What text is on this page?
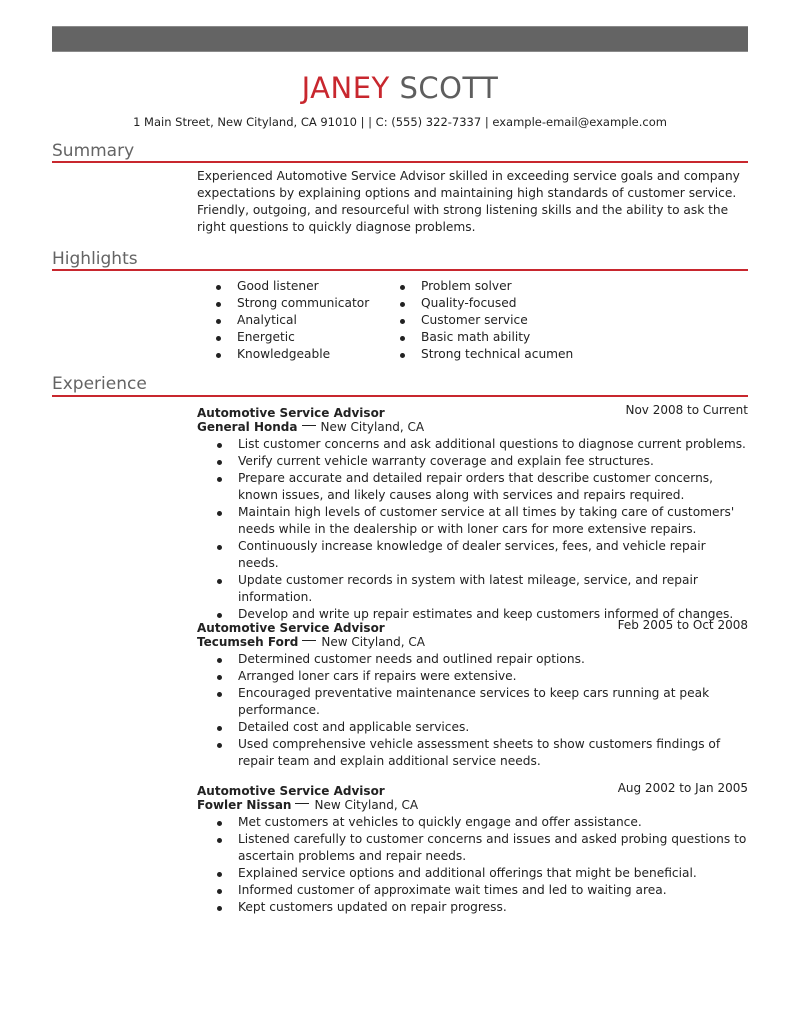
JANEY SCOTT
1 Main Street, New Cityland, CA 91010 | | C: (555) 322-7337 | example-email@example.com
Summary
Experienced Automotive Service Advisor skilled in exceeding service goals and company expectations by explaining options and maintaining high standards of customer service. Friendly, outgoing, and resourceful with strong listening skills and the ability to ask the right questions to quickly diagnose problems.
Highlights
Good listener
Strong communicator
Analytical
Energetic
Knowledgeable
Problem solver
Quality-focused
Customer service
Basic math ability
Strong technical acumen
Experience
Automotive Service Advisor	Nov 2008 to Current
General Honda New Cityland, CA
List customer concerns and ask additional questions to diagnose current problems.
Verify current vehicle warranty coverage and explain fee structures.
Prepare accurate and detailed repair orders that describe customer concerns, known issues, and likely causes along with services and repairs required.
Maintain high levels of customer service at all times by taking care of customers' needs while in the dealership or with loner cars for more extensive repairs.
Continuously increase knowledge of dealer services, fees, and vehicle repair needs.
Update customer records in system with latest mileage, service, and repair information.
Develop and write up repair estimates and keep customers informed of changes.
Automotive Service Advisor	Feb 2005 to Oct 2008
Tecumseh Ford New Cityland, CA
Determined customer needs and outlined repair options.
Arranged loner cars if repairs were extensive.
Encouraged preventative maintenance services to keep cars running at peak performance.
Detailed cost and applicable services.
Used comprehensive vehicle assessment sheets to show customers findings of repair team and explain additional service needs.
Automotive Service Advisor	Aug 2002 to Jan 2005
Fowler Nissan New Cityland, CA
Met customers at vehicles to quickly engage and offer assistance.
Listened carefully to customer concerns and issues and asked probing questions to ascertain problems and repair needs.
Explained service options and additional offerings that might be beneficial.
Informed customer of approximate wait times and led to waiting area.
Kept customers updated on repair progress.
